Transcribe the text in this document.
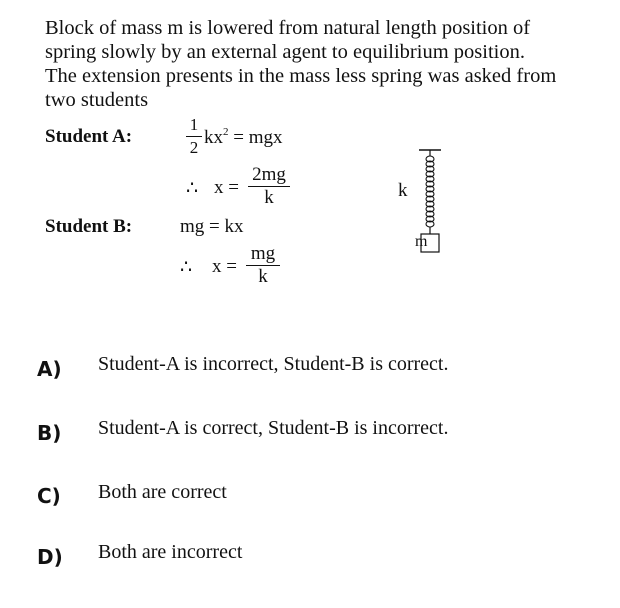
Block of mass m is lowered from natural length position of
spring slowly by an external agent to equilibrium position.
The extension presents in the mass less spring was asked from
two students
Student A:	$\frac{1}{2} kx^2$ = mgx
∴ $x = \frac{2mg}{k}$
Student B:	mg = kx
∴ $x = \frac{mg}{k}$
k
m
A) Student-A is incorrect, Student-B is correct.
B) Student-A is correct, Student-B is incorrect.
C) Both are correct
D) Both are incorrect
